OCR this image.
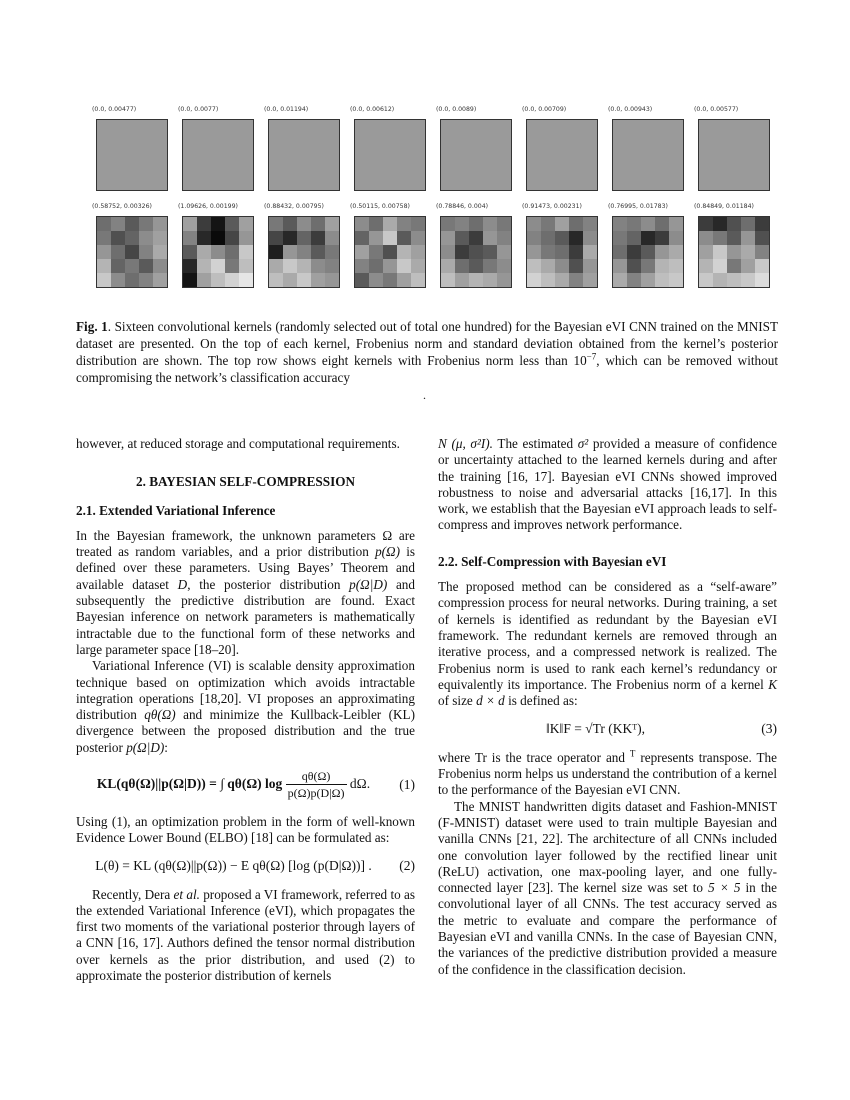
(0.0, 0.00477)	(0.0, 0.0077)	(0.0, 0.01194)	(0.0, 0.00612)	(0.0, 0.0089)	(0.0, 0.00709)	(0.0, 0.00943)	(0.0, 0.00577)
(0.58752, 0.00326)	(1.09626, 0.00199)	(0.88432, 0.00795)	(0.50115, 0.00758)	(0.78846, 0.004)	(0.91473, 0.00231)	(0.76995, 0.01783)	(0.84849, 0.01184)
Fig. 1. Sixteen convolutional kernels (randomly selected out of total one hundred) for the Bayesian eVI CNN trained on the MNIST dataset are presented. On the top of each kernel, Frobenius norm and standard deviation obtained from the kernel’s posterior distribution are shown. The top row shows eight kernels with Frobenius norm less than $10^{-7}$, which can be removed without compromising the network’s classification accuracy
.

however, at reduced storage and computational requirements.

2. BAYESIAN SELF-COMPRESSION
2.1. Extended Variational Inference

In the Bayesian framework, the unknown parameters Ω are treated as random variables, and a prior distribution p(Ω) is defined over these parameters. Using Bayes’ Theorem and available dataset D, the posterior distribution p(Ω|D) and subsequently the predictive distribution are found. Exact Bayesian inference on network parameters is mathematically intractable due to the functional form of these networks and large parameter space [18–20].

Variational Inference (VI) is scalable density approximation technique based on optimization which avoids intractable integration operations [18,20]. VI proposes an approximating distribution qθ(Ω) and minimize the Kullback-Leibler (KL) divergence between the proposed distribution and the true posterior p(Ω|D):

KL(qθ(Ω)||p(Ω|D)) = ∫ qθ(Ω) $\log \frac{q\theta(\Omega)}{p(\Omega)p(D|\Omega)} d\Omega$.	(1)

Using (1), an optimization problem in the form of well-known Evidence Lower Bound (ELBO) [18] can be formulated as:

L(θ) = KL (qθ(Ω)||p(Ω)) − E qθ(Ω) [log (p(D|Ω))] .	(2)

Recently, Dera et al. proposed a VI framework, referred to as the extended Variational Inference (eVI), which propagates the first two moments of the variational posterior through layers of a CNN [16, 17]. Authors defined the tensor normal distribution over kernels as the prior distribution, and used (2) to approximate the posterior distribution of kernels

N (μ, σ²I). The estimated σ² provided a measure of confidence or uncertainty attached to the learned kernels during and after the training [16, 17]. Bayesian eVI CNNs showed improved robustness to noise and adversarial attacks [16,17]. In this work, we establish that the Bayesian eVI approach leads to self-compress and improves network performance.

2.2. Self-Compression with Bayesian eVI

The proposed method can be considered as a “self-aware” compression process for neural networks. During training, a set of kernels is identified as redundant by the Bayesian eVI framework. The redundant kernels are removed through an iterative process, and a compressed network is realized. The Frobenius norm is used to rank each kernel’s redundancy or equivalently its importance. The Frobenius norm of a kernel K of size d × d is defined as:

‖K‖F = √Tr (KKᵀ),	(3)

where Tr is the trace operator and $^T$ represents transpose. The Frobenius norm helps us understand the contribution of a kernel to the performance of the Bayesian eVI CNN.

The MNIST handwritten digits dataset and Fashion-MNIST (F-MNIST) dataset were used to train multiple Bayesian and vanilla CNNs [21, 22]. The architecture of all CNNs included one convolution layer followed by the rectified linear unit (ReLU) activation, one max-pooling layer, and one fully-connected layer [23]. The kernel size was set to 5 × 5 in the convolutional layer of all CNNs. The test accuracy served as the metric to evaluate and compare the performance of Bayesian eVI and vanilla CNNs. In the case of Bayesian CNN, the variances of the predictive distribution provided a measure of the confidence in the classification decision.
